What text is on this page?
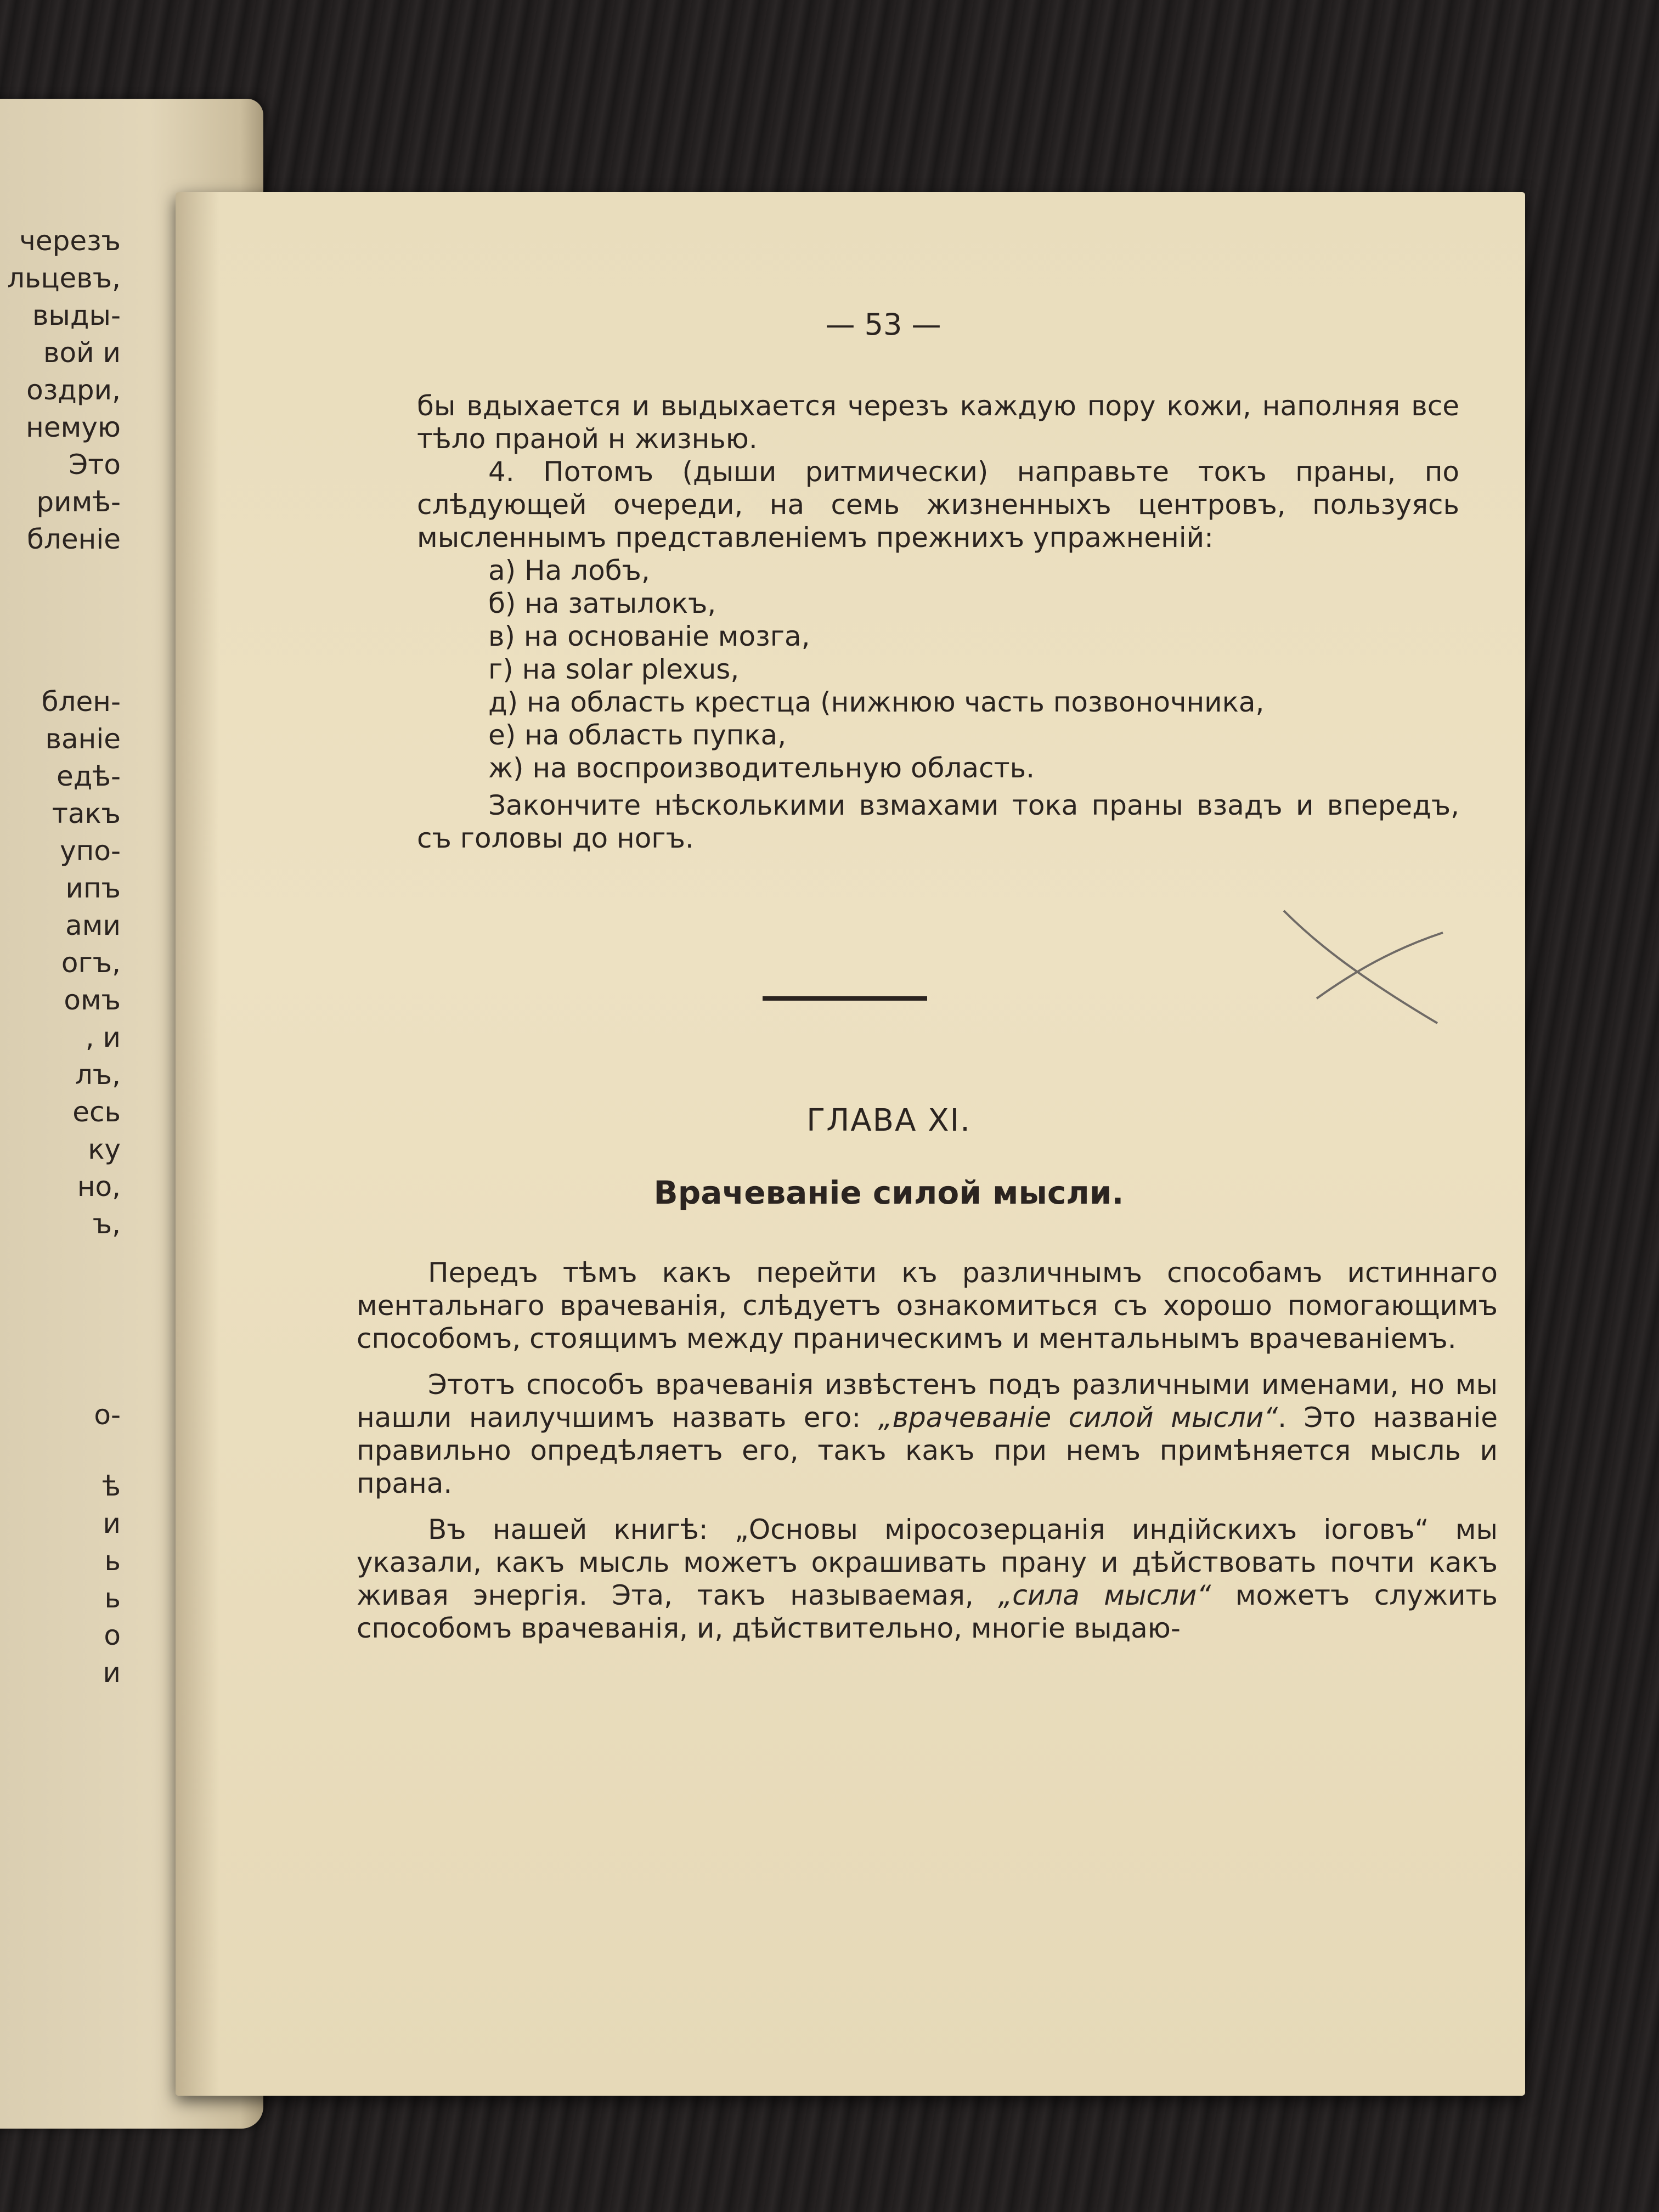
черезъ
льцевъ,
выды-
вой и
оздри,
немую
Это
римѣ-
бленіе
блен-
ваніе
едѣ-
такъ
упо-
ипъ
ами
огъ,
омъ
, и
лъ,
есь
ку
но,
ъ,
о-
ѣ
и
ь
ь
о
и
— 53 —

бы вдыхается и выдыхается черезъ каждую пору кожи, наполняя все тѣло праной н жизнью.

4. Потомъ (дыши ритмически) направьте токъ праны, по слѣдующей очереди, на семь жизненныхъ центровъ, пользуясь мысленнымъ представленіемъ прежнихъ упражненій:

а) На лобъ,

б) на затылокъ,

в) на основаніе мозга,

г) на solar plexus,

д) на область крестца (нижнюю часть позвоночника,

е) на область пупка,

ж) на воспроизводительную область.

Закончите нѣсколькими взмахами тока праны взадъ и впередъ, съ головы до ногъ.

ГЛАВА XI.
Врачеваніе силой мысли.

Передъ тѣмъ какъ перейти къ различнымъ способамъ истиннаго ментальнаго врачеванія, слѣдуетъ ознакомиться съ хорошо помогающимъ способомъ, стоящимъ между праническимъ и ментальнымъ врачеваніемъ.

Этотъ способъ врачеванія извѣстенъ подъ различными именами, но мы нашли наилучшимъ назвать его: „врачеваніе силой мысли“. Это названіе правильно опредѣляетъ его, такъ какъ при немъ примѣняется мысль и прана.

Въ нашей книгѣ: „Основы міросозерцанія индійскихъ іоговъ“ мы указали, какъ мысль можетъ окрашивать прану и дѣйствовать почти какъ живая энергія. Эта, такъ называемая, „сила мысли“ можетъ служить способомъ врачеванія, и, дѣйствительно, многіе выдаю-
